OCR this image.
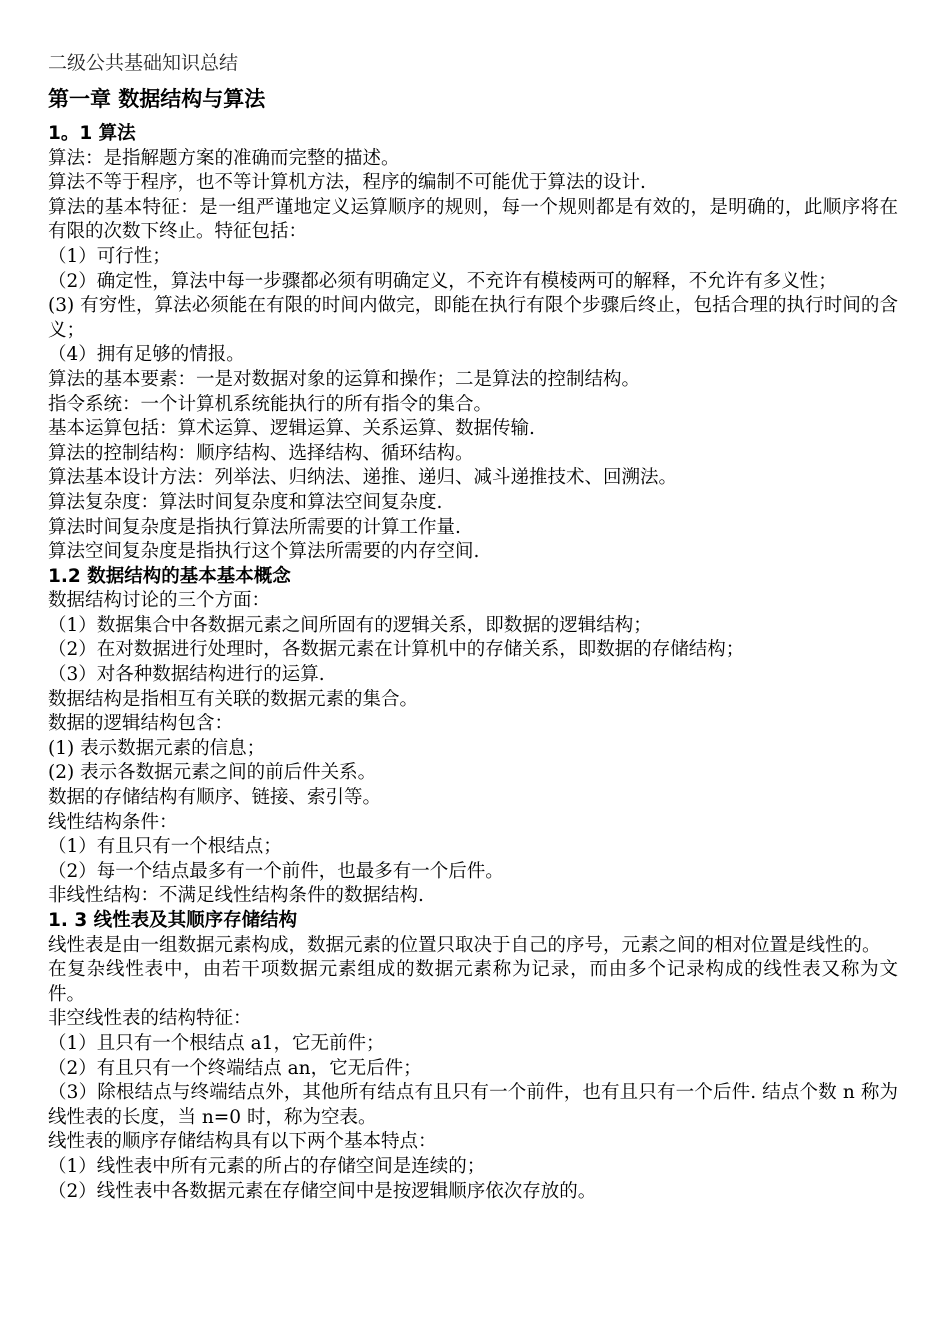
二级公共基础知识总结
第一章 数据结构与算法
1。1 算法

算法：是指解题方案的准确而完整的描述。

算法不等于程序，也不等计算机方法，程序的编制不可能优于算法的设计.

算法的基本特征：是一组严谨地定义运算顺序的规则，每一个规则都是有效的，是明确的，此顺序将在有限的次数下终止。特征包括：

（1）可行性；

（2）确定性，算法中每一步骤都必须有明确定义，不充许有模棱两可的解释，不允许有多义性；

(3) 有穷性，算法必须能在有限的时间内做完，即能在执行有限个步骤后终止，包括合理的执行时间的含义；

（4）拥有足够的情报。

算法的基本要素：一是对数据对象的运算和操作；二是算法的控制结构。

指令系统：一个计算机系统能执行的所有指令的集合。

基本运算包括：算术运算、逻辑运算、关系运算、数据传输.

算法的控制结构：顺序结构、选择结构、循环结构。

算法基本设计方法：列举法、归纳法、递推、递归、减斗递推技术、回溯法。

算法复杂度：算法时间复杂度和算法空间复杂度.

算法时间复杂度是指执行算法所需要的计算工作量.

算法空间复杂度是指执行这个算法所需要的内存空间.

1.2 数据结构的基本基本概念

数据结构讨论的三个方面：

（1）数据集合中各数据元素之间所固有的逻辑关系，即数据的逻辑结构；

（2）在对数据进行处理时，各数据元素在计算机中的存储关系，即数据的存储结构；

（3）对各种数据结构进行的运算.

数据结构是指相互有关联的数据元素的集合。

数据的逻辑结构包含：

(1) 表示数据元素的信息；

(2) 表示各数据元素之间的前后件关系。

数据的存储结构有顺序、链接、索引等。

线性结构条件：

（1）有且只有一个根结点；

（2）每一个结点最多有一个前件，也最多有一个后件。

非线性结构：不满足线性结构条件的数据结构.

1. 3 线性表及其顺序存储结构

线性表是由一组数据元素构成，数据元素的位置只取决于自己的序号，元素之间的相对位置是线性的。

在复杂线性表中，由若干项数据元素组成的数据元素称为记录，而由多个记录构成的线性表又称为文件。

非空线性表的结构特征：

（1）且只有一个根结点 a1，它无前件；

（2）有且只有一个终端结点 an，它无后件；

（3）除根结点与终端结点外，其他所有结点有且只有一个前件，也有且只有一个后件. 结点个数 n 称为线性表的长度，当 n=0 时，称为空表。

线性表的顺序存储结构具有以下两个基本特点：

（1）线性表中所有元素的所占的存储空间是连续的；

（2）线性表中各数据元素在存储空间中是按逻辑顺序依次存放的。
